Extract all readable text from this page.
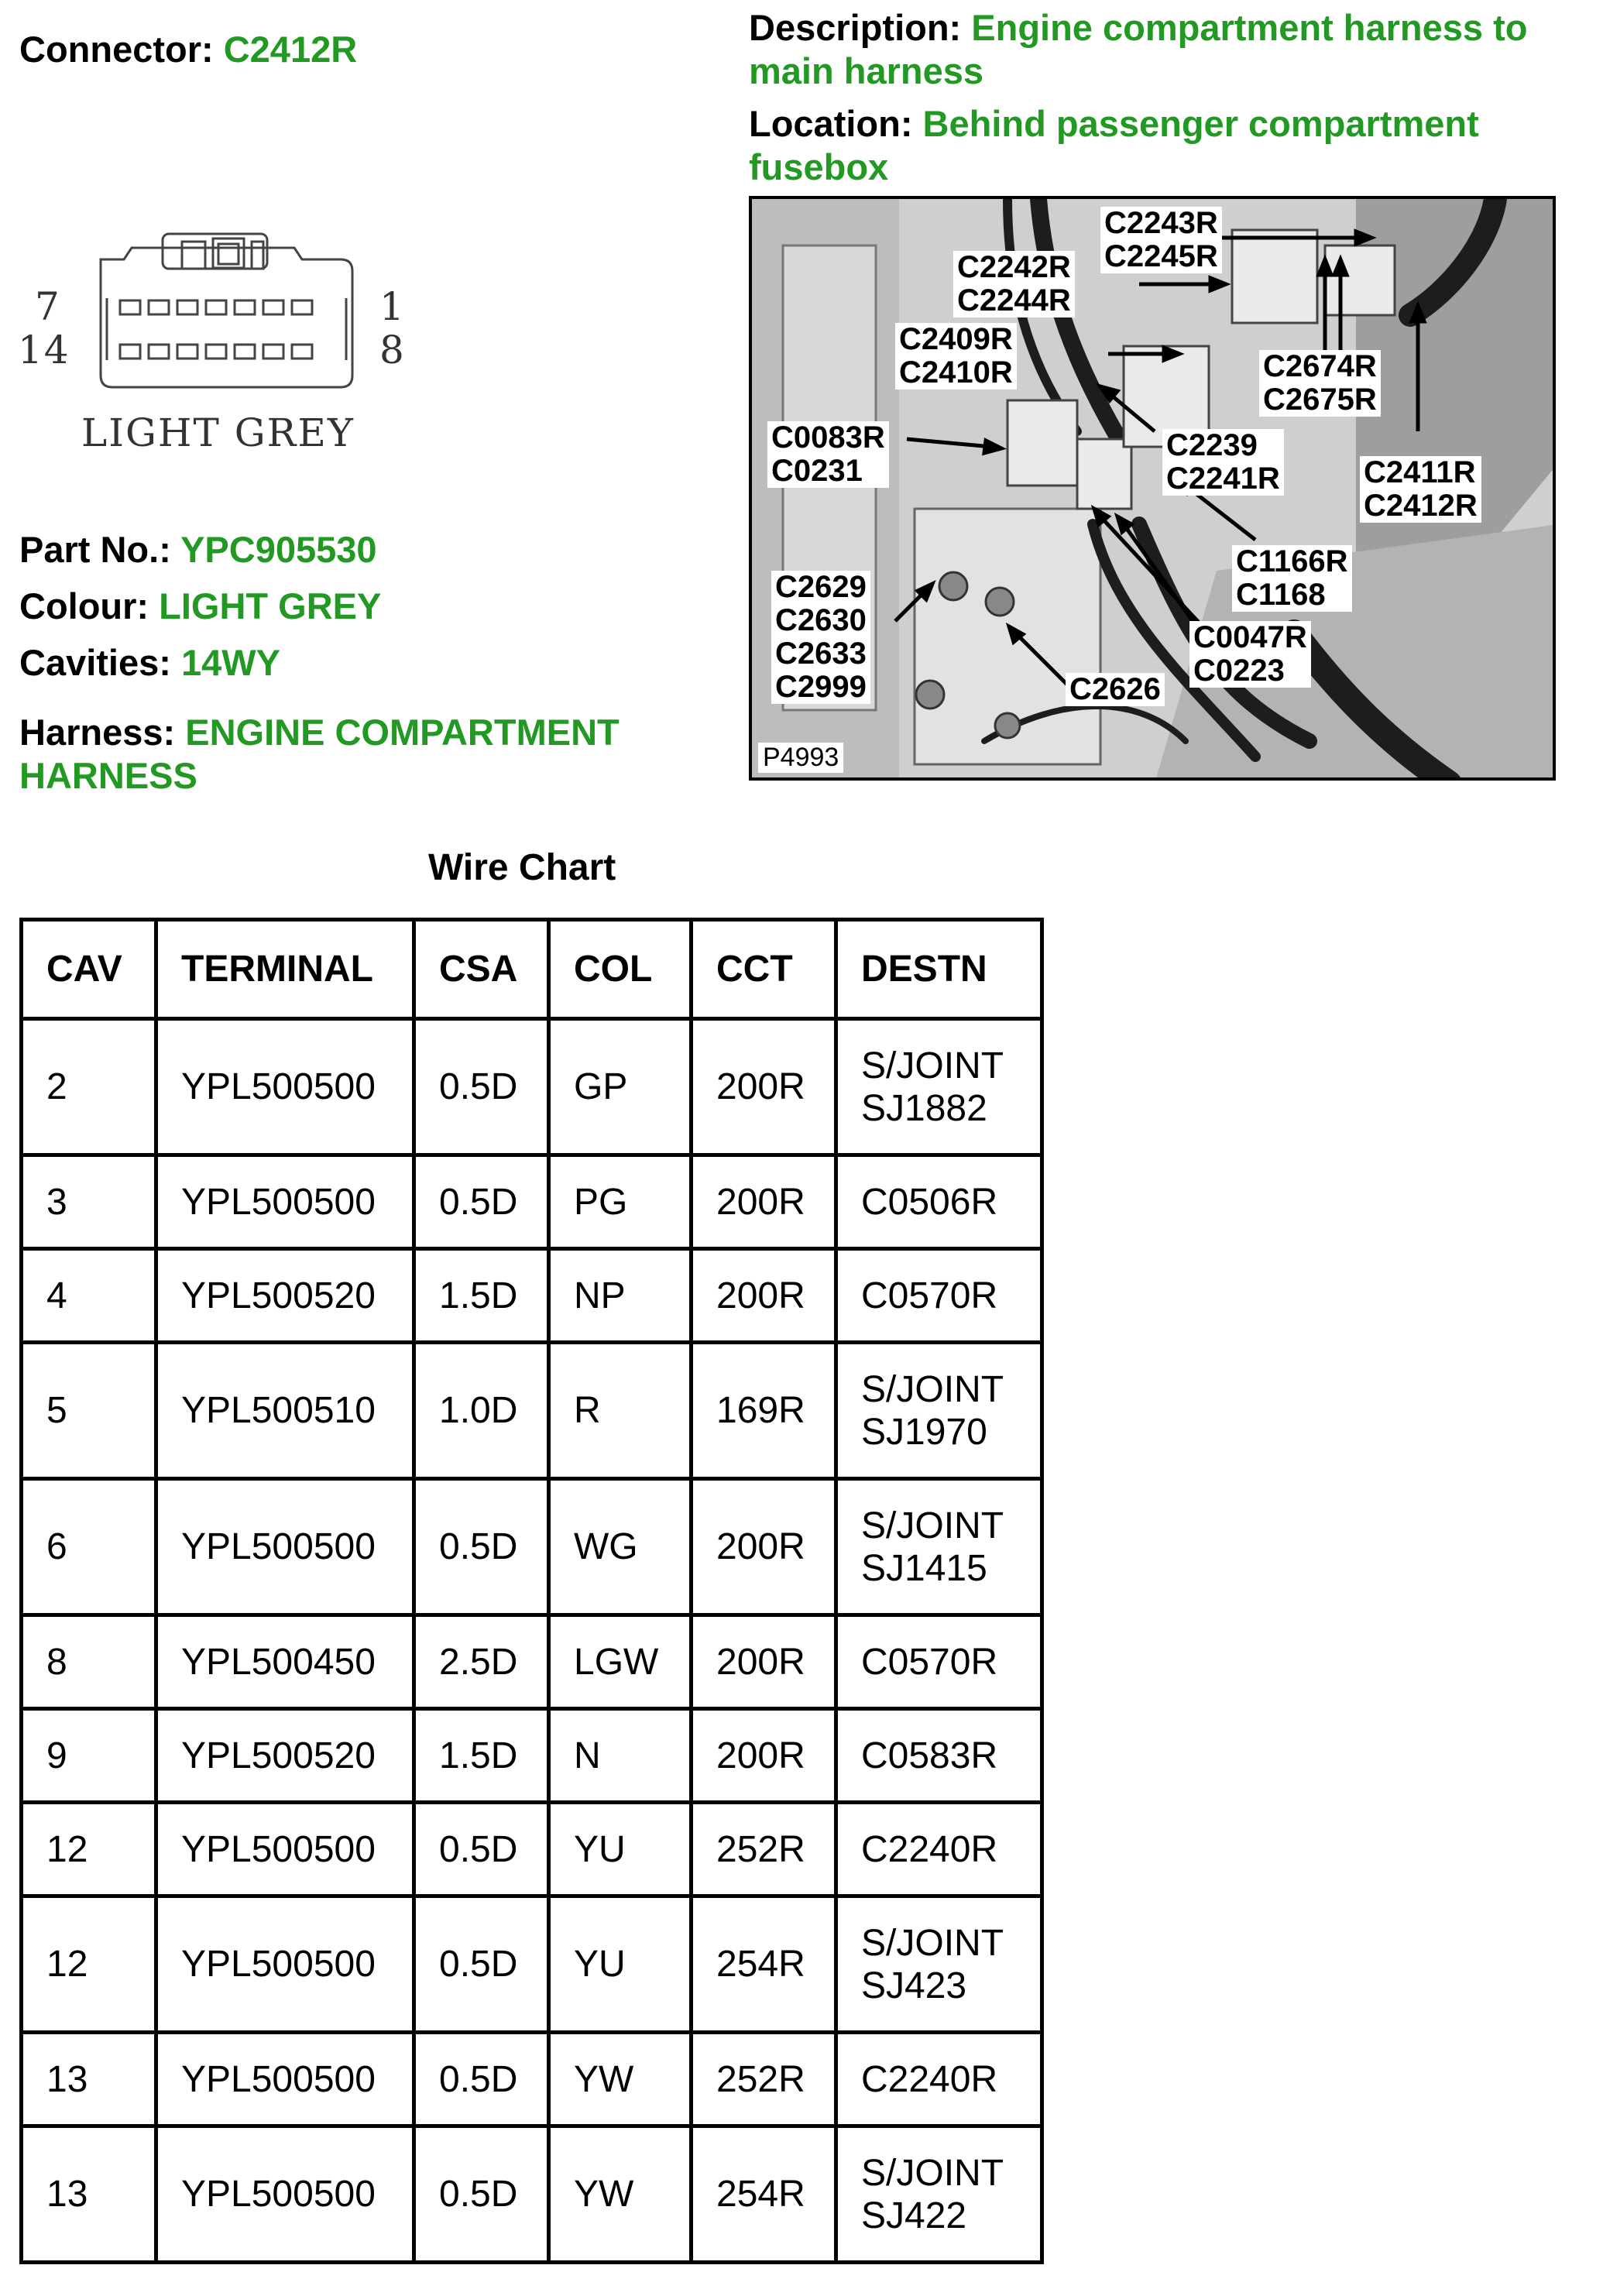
Connector: C2412R
Description: Engine compartment harness to main harness
Location: Behind passenger compartment fusebox
7
14
1
8
LIGHT GREY
Part No.: YPC905530
Colour: LIGHT GREY
Cavities: 14WY
Harness: ENGINE COMPARTMENT HARNESS
C2243R
C2245R
C2242R
C2244R
C2409R
C2410R	C2674R
C2675R
C0083R
C0231
C2239
C2241R	C2411R
C2412R
C1166R
C1168
C2629
C2630
C2633
C2999
C0047R
C0223
C2626
P4993
Wire Chart
CAV	TERMINAL	CSA	COL	CCT	DESTN
2	YPL500500	0.5D	GP	200R	S/JOINT SJ1882
3	YPL500500	0.5D	PG	200R	C0506R
4	YPL500520	1.5D	NP	200R	C0570R
5	YPL500510	1.0D	R	169R	S/JOINT SJ1970
6	YPL500500	0.5D	WG	200R	S/JOINT SJ1415
8	YPL500450	2.5D	LGW	200R	C0570R
9	YPL500520	1.5D	N	200R	C0583R
12	YPL500500	0.5D	YU	252R	C2240R
12	YPL500500	0.5D	YU	254R	S/JOINT SJ423
13	YPL500500	0.5D	YW	252R	C2240R
13	YPL500500	0.5D	YW	254R	S/JOINT SJ422
